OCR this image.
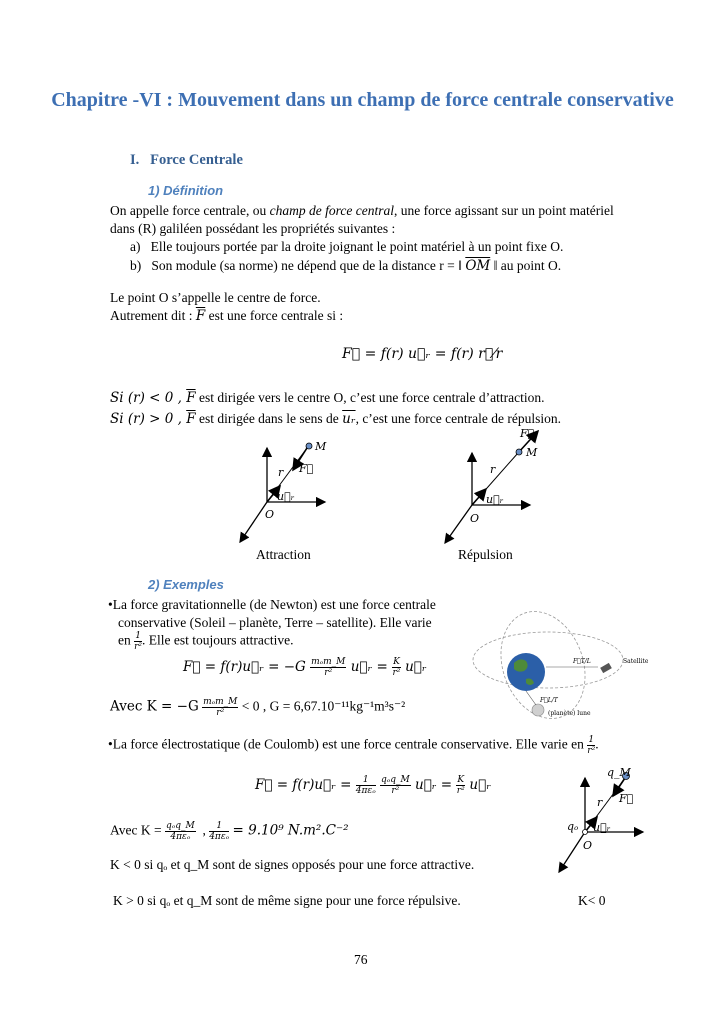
Chapitre -VI : Mouvement dans un champ de force centrale conservative
I. Force Centrale
1) Définition
On appelle force centrale, ou champ de force central, une force agissant sur un point matériel
dans (R) galiléen possédant les propriétés suivantes :
a) Elle toujours portée par la droite joignant le point matériel à un point fixe O.
b) Son module (sa norme) ne dépend que de la distance r = ‖ $\overline{OM}$ ‖ au point O.
Le point O s’appelle le centre de force.
Autrement dit : $\overline{F}$ est une force centrale si :
F⃗ = f(r) u⃗ᵣ = f(r) r⃗⁄r
Si (r) < 0 , $\overline{F}$ est dirigée vers le centre O, c’est une force centrale d’attraction.
Si (r) > 0 , $\overline{F}$ est dirigée dans le sens de $\overline{uᵣ}$, c’est une force centrale de répulsion.
M
F⃗
r
u⃗ᵣ
O
Attraction
M
F⃗
r
u⃗ᵣ
O
Répulsion
2) Exemples
•La force gravitationnelle (de Newton) est une force centrale
conservative (Soleil – planète, Terre – satellite). Elle varie
en $\frac{1}{\text{r²}}$ . Elle est toujours attractive.
F⃗ = f(r)u⃗ᵣ = $-G \frac{\text{mₒm\_M}}{\text{r²}}$ u⃗ᵣ = $\frac{K}{\text{r²}}$ u⃗ᵣ
Avec $K = -G \frac{\text{mₒm\_M}}{\text{r²}} < 0$ , G = 6,67.10⁻¹¹kg⁻¹m³s⁻²
F⃗T/L
F⃗L/T
Satellite
(planète) lune
•La force électrostatique (de Coulomb) est une force centrale conservative. Elle varie en $\frac{1}{\text{r²}}$ .
F⃗ = f(r)u⃗ᵣ = $\frac{1}{\text{4πεₒ}}$
$\frac{\text{qₒq\_M}}{\text{r²}}$ u⃗ᵣ = $\frac{K}{\text{r²}}$ u⃗ᵣ
Avec $K = \frac{\text{qₒq\_M}}{\text{4πεₒ}}$ , $\frac{1}{\text{4πεₒ}} = 9.10^9$ N.m².C⁻²
K < 0 si qₒ et q_M sont de signes opposés pour une force attractive.
K > 0 si qₒ et q_M sont de même signe pour une force répulsive.	K< 0
q_M
F⃗
r
qₒ u⃗ᵣ
O
76
